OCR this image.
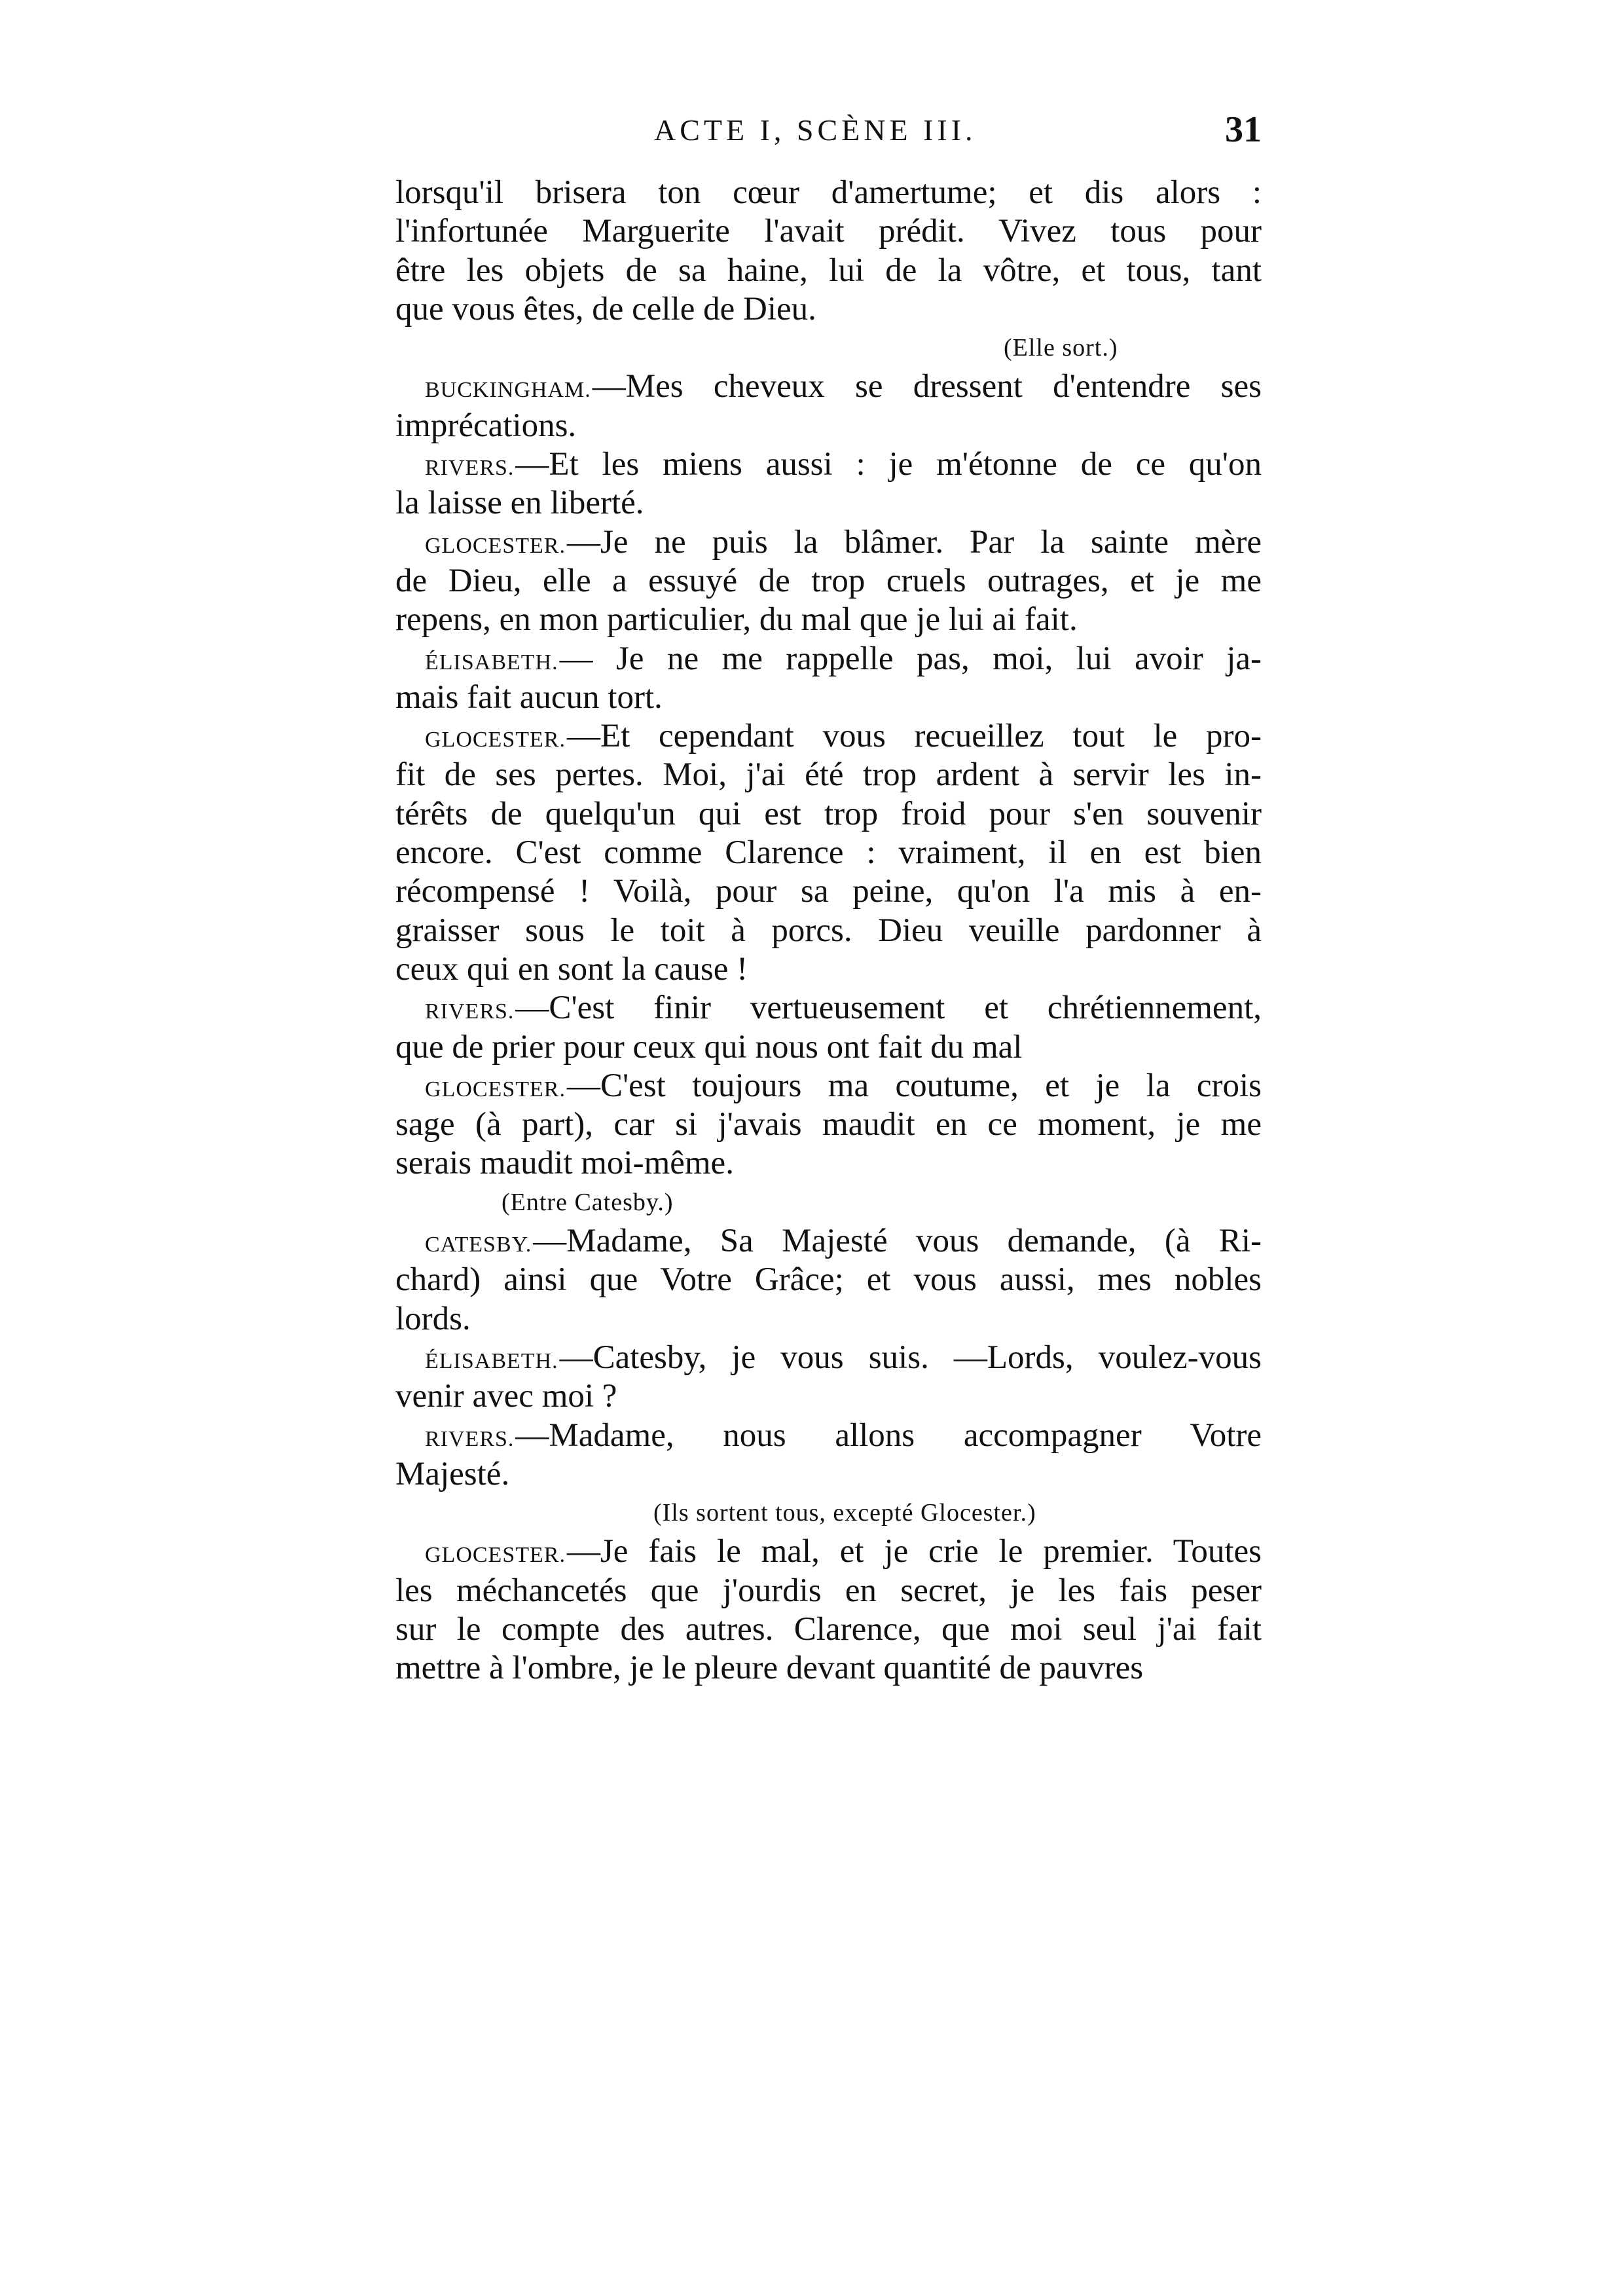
ACTE I, SCÈNE III.	31
lorsqu'il brisera ton cœur d'amertume; et dis alors :
l'infortunée Marguerite l'avait prédit. Vivez tous pour
être les objets de sa haine, lui de la vôtre, et tous, tant
que vous êtes, de celle de Dieu.
(Elle sort.)
BUCKINGHAM.—Mes cheveux se dressent d'entendre ses
imprécations.
RIVERS.—Et les miens aussi : je m'étonne de ce qu'on
la laisse en liberté.
GLOCESTER.—Je ne puis la blâmer. Par la sainte mère
de Dieu, elle a essuyé de trop cruels outrages, et je me
repens, en mon particulier, du mal que je lui ai fait.
ÉLISABETH.— Je ne me rappelle pas, moi, lui avoir ja-
mais fait aucun tort.
GLOCESTER.—Et cependant vous recueillez tout le pro-
fit de ses pertes. Moi, j'ai été trop ardent à servir les in-
térêts de quelqu'un qui est trop froid pour s'en souvenir
encore. C'est comme Clarence : vraiment, il en est bien
récompensé ! Voilà, pour sa peine, qu'on l'a mis à en-
graisser sous le toit à porcs. Dieu veuille pardonner à
ceux qui en sont la cause !
RIVERS.—C'est finir vertueusement et chrétiennement,
que de prier pour ceux qui nous ont fait du mal
GLOCESTER.—C'est toujours ma coutume, et je la crois
sage (à part), car si j'avais maudit en ce moment, je me
serais maudit moi-même.
(Entre Catesby.)
CATESBY.—Madame, Sa Majesté vous demande, (à Ri-
chard) ainsi que Votre Grâce; et vous aussi, mes nobles
lords.
ÉLISABETH.—Catesby, je vous suis. —Lords, voulez-vous
venir avec moi ?
RIVERS.—Madame, nous allons accompagner Votre
Majesté.
(Ils sortent tous, excepté Glocester.)
GLOCESTER.—Je fais le mal, et je crie le premier. Toutes
les méchancetés que j'ourdis en secret, je les fais peser
sur le compte des autres. Clarence, que moi seul j'ai fait
mettre à l'ombre, je le pleure devant quantité de pauvres
